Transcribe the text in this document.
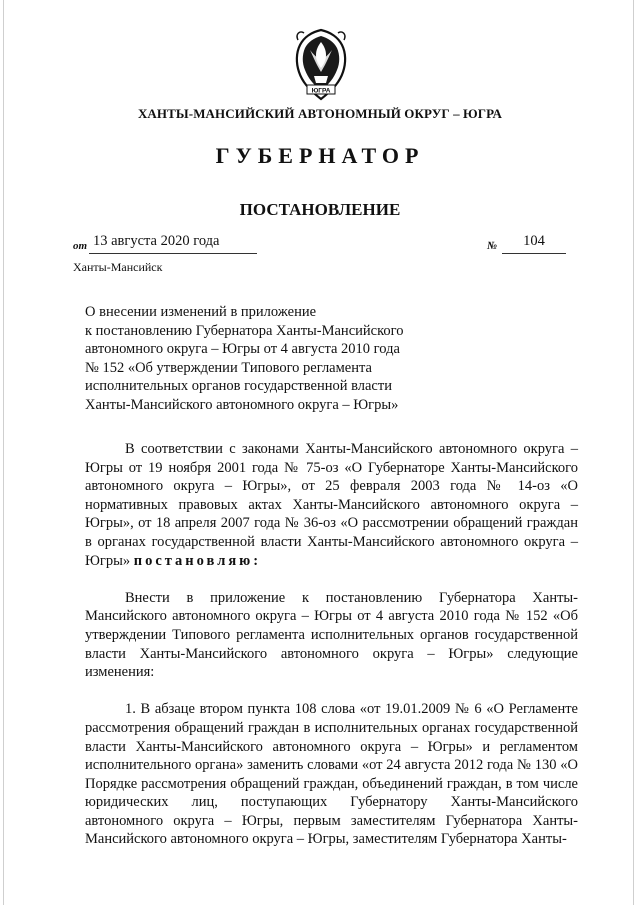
ЮГРА
ХАНТЫ-МАНСИЙСКИЙ АВТОНОМНЫЙ ОКРУГ – ЮГРА
ГУБЕРНАТОР
ПОСТАНОВЛЕНИЕ
от 13 августа 2020 года	№	104
Ханты-Мансийск
О внесении изменений в приложение
к постановлению Губернатора Ханты-Мансийского
автономного округа – Югры от 4 августа 2010 года
№ 152 «Об утверждении Типового регламента
исполнительных органов государственной власти
Ханты-Мансийского автономного округа – Югры»

В соответствии с законами Ханты-Мансийского автономного округа – Югры от 19 ноября 2001 года № 75-оз «О Губернаторе Ханты-Мансийского автономного округа – Югры», от 25 февраля 2003 года № 14-оз «О нормативных правовых актах Ханты-Мансийского автономного округа – Югры», от 18 апреля 2007 года № 36-оз «О рассмотрении обращений граждан в органах государственной власти Ханты-Мансийского автономного округа – Югры» постановляю:

Внести в приложение к постановлению Губернатора Ханты-Мансийского автономного округа – Югры от 4 августа 2010 года № 152 «Об утверждении Типового регламента исполнительных органов государственной власти Ханты-Мансийского автономного округа – Югры» следующие изменения:

1. В абзаце втором пункта 108 слова «от 19.01.2009 № 6 «О Регламенте рассмотрения обращений граждан в исполнительных органах государственной власти Ханты-Мансийского автономного округа – Югры» и регламентом исполнительного органа» заменить словами «от 24 августа 2012 года № 130 «О Порядке рассмотрения обращений граждан, объединений граждан, в том числе юридических лиц, поступающих Губернатору Ханты-Мансийского автономного округа – Югры, первым заместителям Губернатора Ханты-Мансийского автономного округа – Югры, заместителям Губернатора Ханты-
